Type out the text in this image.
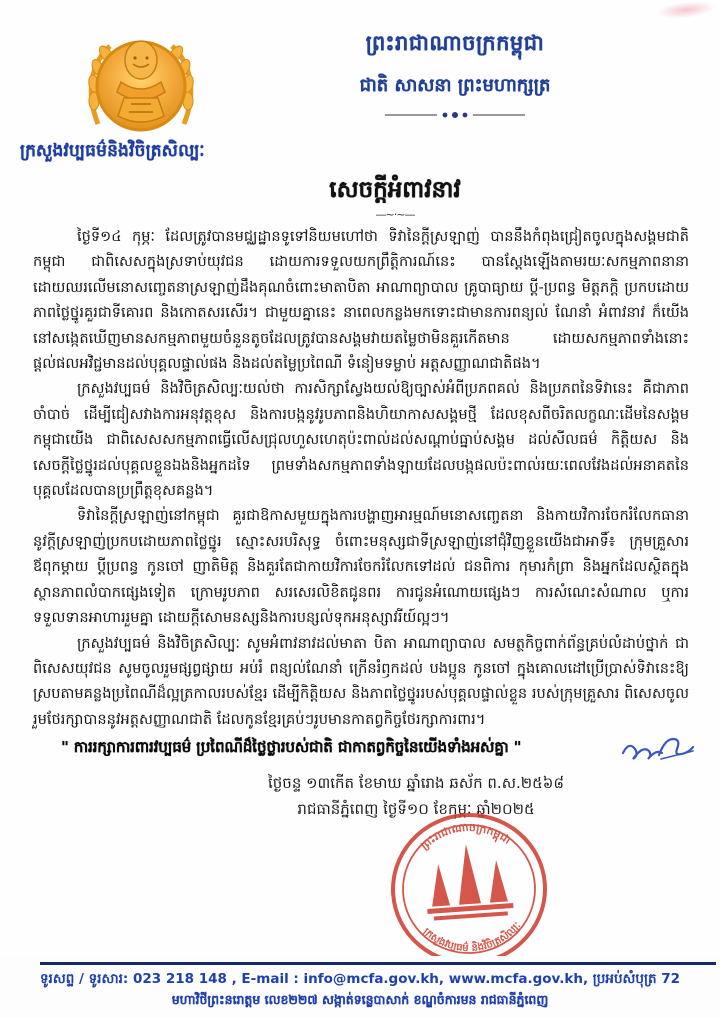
ព្រះរាជាណាចក្រកម្ពុជា
ជាតិ សាសនា ព្រះមហាក្សត្រ
ក្រសួងវប្បធម៌និងវិចិត្រសិល្បៈ
សេចក្តីអំពាវនាវ
—~·~—

ថ្ងៃទី១៤ កុម្ភៈ ដែលត្រូវបានមជ្ឈដ្ឋានទូទៅនិយមហៅថា ទិវានៃក្តីស្រឡាញ់ បាននឹងកំពុងជ្រៀតចូលក្នុងសង្គមជាតិកម្ពុជា ជាពិសេសក្នុងស្រទាប់យុវជន ដោយការទទួលយកព្រឹត្តិការណ៍នេះ បានស្តែងឡើងតាមរយៈសកម្មភាពនានា ដោយឈរលើមនោសញ្ចេតនាស្រឡាញ់ដឹងគុណចំពោះមាតាបិតា អាណាព្យាបាល គ្រូបាធ្យាយ ប្តី-ប្រពន្ធ មិត្តភក្តិ ប្រកបដោយភាពថ្លៃថ្នូរគួរជាទីគោរព និងកោតសរសើរ។ ជាមួយគ្នានេះ នាពេលកន្លងមកទោះជាមានការពន្យល់ ណែនាំ អំពាវនាវ ក៏យើងនៅសង្កេតឃើញមានសកម្មភាពមួយចំនួនតូចដែលត្រូវបានសង្គមវាយតម្លៃថាមិនគួរកើតមាន ដោយសកម្មភាពទាំងនោះផ្តល់ផលអវិជ្ជមានដល់បុគ្គលផ្ទាល់ផង និងដល់តម្លៃប្រពៃណី ទំនៀមទម្លាប់ អត្តសញ្ញាណជាតិផង។

ក្រសួងវប្បធម៌ និងវិចិត្រសិល្បៈយល់ថា ការសិក្សាស្វែងយល់ឱ្យច្បាស់អំពីប្រភពគល់ និងប្រភពនៃទិវានេះ គឺជាភាពចាំបាច់ ដើម្បីជៀសវាងការអនុវត្តខុស និងការបង្កនូវរូបភាពនិងហិយាកាសសង្គមថ្មី ដែលខុសពីចរិតលក្ខណៈដើមនៃសង្គមកម្ពុជាយើង ជាពិសេសសកម្មភាពធ្វើលើសជ្រុលហួសហេតុប៉ះពាល់ដល់សណ្តាប់ធ្នាប់សង្គម ដល់សីលធម៌ កិត្តិយស និងសេចក្តីថ្លៃថ្នូរដល់បុគ្គលខ្លួនឯងនិងអ្នកដទៃ ព្រមទាំងសកម្មភាពទាំងឡាយដែលបង្កផលប៉ះពាល់រយៈពេលវែងដល់អនាគតនៃបុគ្គលដែលបានប្រព្រឹត្តខុសគន្លង។

ទិវានៃក្តីស្រឡាញ់នៅកម្ពុជា គួរជាឱកាសមួយក្នុងការបង្ហាញអារម្មណ៍មនោសញ្ចេតនា និងកាយវិការចែករំលែកធានានូវក្តីស្រឡាញ់ប្រកបដោយភាពថ្លៃថ្នូរ ស្មោះសរបរិសុទ្ធ ចំពោះមនុស្សជាទីស្រឡាញ់នៅជុំវិញខ្លួនយើងជាអាទិ៍៖ ក្រុមគ្រួសារ ឪពុកម្តាយ ប្តីប្រពន្ធ កូនចៅ ញាតិមិត្ត និងគួរតែជាកាយវិការចែករំលែកទៅដល់ ជនពិការ កុមារកំព្រា និងអ្នកដែលស្ថិតក្នុងស្ថានភាពលំបាកផ្សេងទៀត ក្រោមរូបភាព សរសេរលិខិតជូនពរ ការជូនអំណោយផ្សេងៗ ការសំណេះសំណាល ឬការទទួលទានអាហាររួមគ្នា ដោយក្តីសោមនស្សនិងការបន្សល់ទុកអនុស្សាវរីយ៍ល្អៗ។

ក្រសួងវប្បធម៌ និងវិចិត្រសិល្បៈ សូមអំពាវនាវដល់មាតា បិតា អាណាព្យាបាល សមត្ថកិច្ចពាក់ព័ន្ធគ្រប់លំដាប់ថ្នាក់ ជាពិសេសយុវជន សូមចូលរួមផ្សព្វផ្សាយ អប់រំ ពន្យល់ណែនាំ ក្រើនរំឭកដល់ បងប្អូន កូនចៅ ក្នុងគោលដៅប្រើប្រាស់ទិវានេះឱ្យស្របតាមគន្លងប្រពៃណីដ៏ល្អត្រកាលរបស់ខ្មែរ ដើម្បីកិត្តិយស និងភាពថ្លៃថ្នូររបស់បុគ្គលផ្ទាល់ខ្លួន របស់ក្រុមគ្រួសារ ពិសេសចូលរួមថែរក្សាបាននូវអត្តសញ្ញាណជាតិ ដែលកូនខ្មែរគ្រប់ៗរូបមានកាតព្វកិច្ចថែរក្សាការពារ។

" ការរក្សាការពារវប្បធម៌ ប្រពៃណីដ៏ថ្លៃថ្លារបស់ជាតិ ជាកាតព្វកិច្ចនៃយើងទាំងអស់គ្នា "
ថ្ងៃចន្ទ ១៣កើត ខែមាឃ ឆ្នាំរោង ឆស័ក ព.ស.២៥៦៨
រាជធានីភ្នំពេញ ថ្ងៃទី១០ ខែកុម្ភៈ ឆ្នាំ២០២៥
ព្រះរាជាណាចក្រកម្ពុជា
ក្រសួងវប្បធម៌ និងវិចិត្រសិល្បៈ
ទូរសព្ទ / ទូរសារ: 023 218 148 , E-mail : info@mcfa.gov.kh, www.mcfa.gov.kh, ប្រអប់សំបុត្រ 72
មហាវិថីព្រះនរោត្តម លេខ២២៧ សង្កាត់ទន្លេបាសាក់ ខណ្ឌចំការមន រាជធានីភ្នំពេញ
